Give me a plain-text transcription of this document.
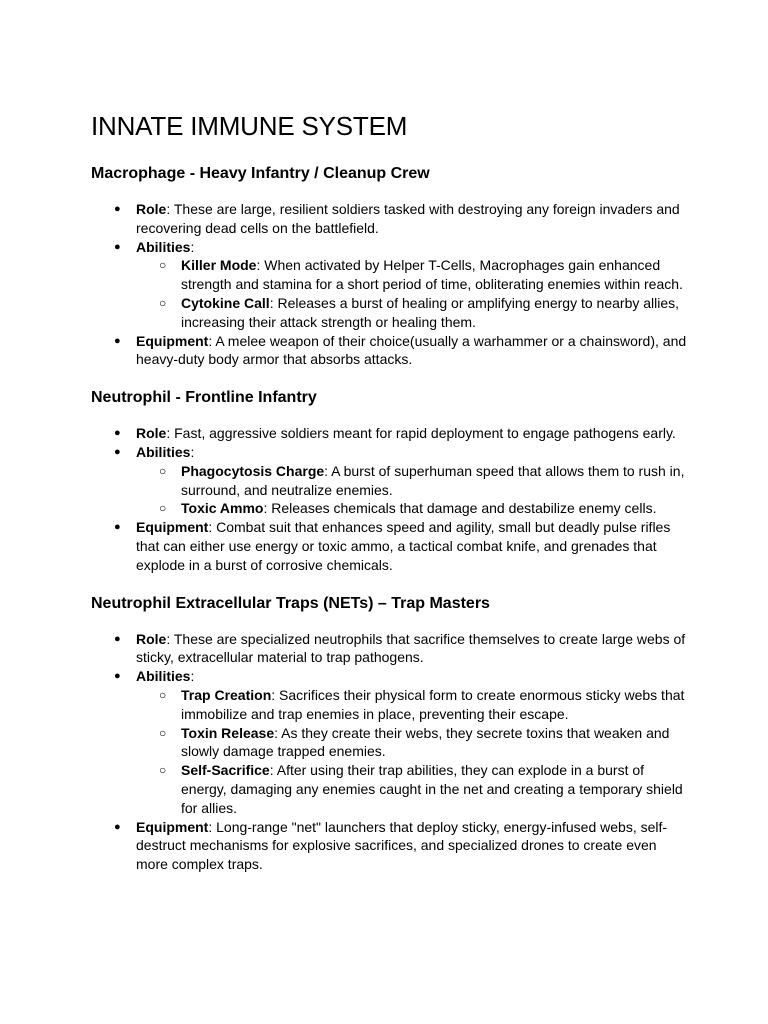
INNATE IMMUNE SYSTEM
Macrophage - Heavy Infantry / Cleanup Crew
● Role: These are large, resilient soldiers tasked with destroying any foreign invaders and recovering dead cells on the battlefield.
● Abilities:
○ Killer Mode: When activated by Helper T-Cells, Macrophages gain enhanced strength and stamina for a short period of time, obliterating enemies within reach.
○ Cytokine Call: Releases a burst of healing or amplifying energy to nearby allies, increasing their attack strength or healing them.
● Equipment: A melee weapon of their choice(usually a warhammer or a chainsword), and heavy-duty body armor that absorbs attacks.
Neutrophil - Frontline Infantry
● Role: Fast, aggressive soldiers meant for rapid deployment to engage pathogens early.
● Abilities:
○ Phagocytosis Charge: A burst of superhuman speed that allows them to rush in, surround, and neutralize enemies.
○ Toxic Ammo: Releases chemicals that damage and destabilize enemy cells.
● Equipment: Combat suit that enhances speed and agility, small but deadly pulse rifles that can either use energy or toxic ammo, a tactical combat knife, and grenades that explode in a burst of corrosive chemicals.
Neutrophil Extracellular Traps (NETs) – Trap Masters
● Role: These are specialized neutrophils that sacrifice themselves to create large webs of sticky, extracellular material to trap pathogens.
● Abilities:
○ Trap Creation: Sacrifices their physical form to create enormous sticky webs that immobilize and trap enemies in place, preventing their escape.
○ Toxin Release: As they create their webs, they secrete toxins that weaken and slowly damage trapped enemies.
○ Self-Sacrifice: After using their trap abilities, they can explode in a burst of energy, damaging any enemies caught in the net and creating a temporary shield for allies.
● Equipment: Long-range "net" launchers that deploy sticky, energy-infused webs, self-destruct mechanisms for explosive sacrifices, and specialized drones to create even more complex traps.
